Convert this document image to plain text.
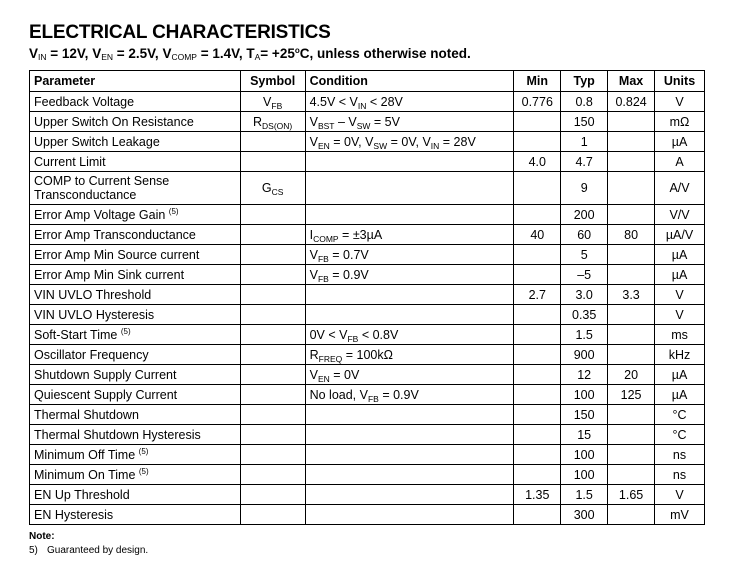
ELECTRICAL CHARACTERISTICS
$V_{IN} = 12V$, $V_{EN} = 2.5V$, $V_{COMP} = 1.4V$, $T_A= +25^oC$, unless otherwise noted.
Parameter	Symbol	Condition	Min	Typ	Max	Units
Feedback Voltage	$V_{FB}$	$4.5V < V_{IN} < 28V$	0.776	0.8	0.824	V
Upper Switch On Resistance	$R_{DS(ON)}$	$V_{BST} - V_{SW} = 5V$		150		mΩ
Upper Switch Leakage		$V_{EN} = 0V$, $V_{SW} = 0V$, $V_{IN} = 28V$		1		µA
Current Limit			4.0	4.7		A
COMP to Current Sense
Transconductance	$G_{CS}$			9		A/V
Error Amp Voltage Gain $^{(5)}$				200		V/V
Error Amp Transconductance		$I_{COMP} = \pm 3\mu A$	40	60	80	µA/V
Error Amp Min Source current		$V_{FB} = 0.7V$		5		µA
Error Amp Min Sink current		$V_{FB} = 0.9V$		–5		µA
VIN UVLO Threshold			2.7	3.0	3.3	V
VIN UVLO Hysteresis				0.35		V
Soft-Start Time $^{(5)}$		$0V < V_{FB} < 0.8V$		1.5		ms
Oscillator Frequency		$R_{FREQ} = 100k\Omega$		900		kHz
Shutdown Supply Current		$V_{EN} = 0V$		12	20	µA
Quiescent Supply Current		No load, $V_{FB} = 0.9V$		100	125	µA
Thermal Shutdown				150		°C
Thermal Shutdown Hysteresis				15		°C
Minimum Off Time $^{(5)}$				100		ns
Minimum On Time $^{(5)}$				100		ns
EN Up Threshold			1.35	1.5	1.65	V
EN Hysteresis				300		mV
Note:
5) Guaranteed by design.
